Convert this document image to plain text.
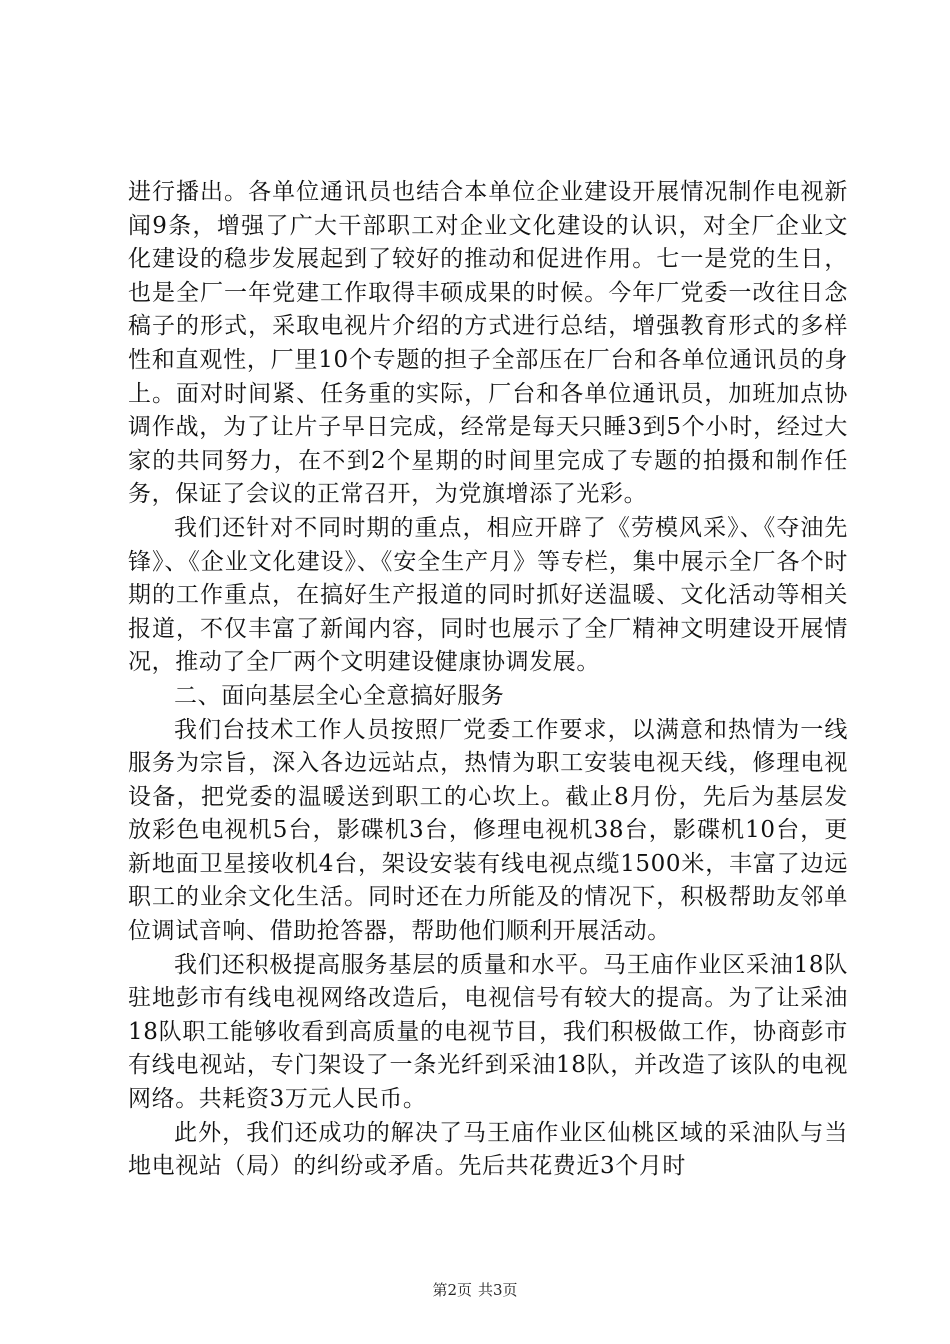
进行播出。各单位通讯员也结合本单位企业建设开展情况制作电视新闻9条，增强了广大干部职工对企业文化建设的认识，对全厂企业文化建设的稳步发展起到了较好的推动和促进作用。七一是党的生日，也是全厂一年党建工作取得丰硕成果的时候。今年厂党委一改往日念稿子的形式，采取电视片介绍的方式进行总结，增强教育形式的多样性和直观性，厂里10个专题的担子全部压在厂台和各单位通讯员的身上。面对时间紧、任务重的实际，厂台和各单位通讯员，加班加点协调作战，为了让片子早日完成，经常是每天只睡3到5个小时，经过大家的共同努力，在不到2个星期的时间里完成了专题的拍摄和制作任务，保证了会议的正常召开，为党旗增添了光彩。

我们还针对不同时期的重点，相应开辟了《劳模风采》、《夺油先锋》、《企业文化建设》、《安全生产月》等专栏，集中展示全厂各个时期的工作重点，在搞好生产报道的同时抓好送温暖、文化活动等相关报道，不仅丰富了新闻内容，同时也展示了全厂精神文明建设开展情况，推动了全厂两个文明建设健康协调发展。

二、面向基层全心全意搞好服务

我们台技术工作人员按照厂党委工作要求，以满意和热情为一线服务为宗旨，深入各边远站点，热情为职工安装电视天线，修理电视设备，把党委的温暖送到职工的心坎上。截止8月份，先后为基层发放彩色电视机5台，影碟机3台，修理电视机38台，影碟机10台，更新地面卫星接收机4台，架设安装有线电视点缆1500米，丰富了边远职工的业余文化生活。同时还在力所能及的情况下，积极帮助友邻单位调试音响、借助抢答器，帮助他们顺利开展活动。

我们还积极提高服务基层的质量和水平。马王庙作业区采油18队驻地彭市有线电视网络改造后，电视信号有较大的提高。为了让采油18队职工能够收看到高质量的电视节目，我们积极做工作，协商彭市有线电视站，专门架设了一条光纤到采油18队，并改造了该队的电视网络。共耗资3万元人民币。

此外，我们还成功的解决了马王庙作业区仙桃区域的采油队与当地电视站（局）的纠纷或矛盾。先后共花费近3个月时

第2页 共3页
